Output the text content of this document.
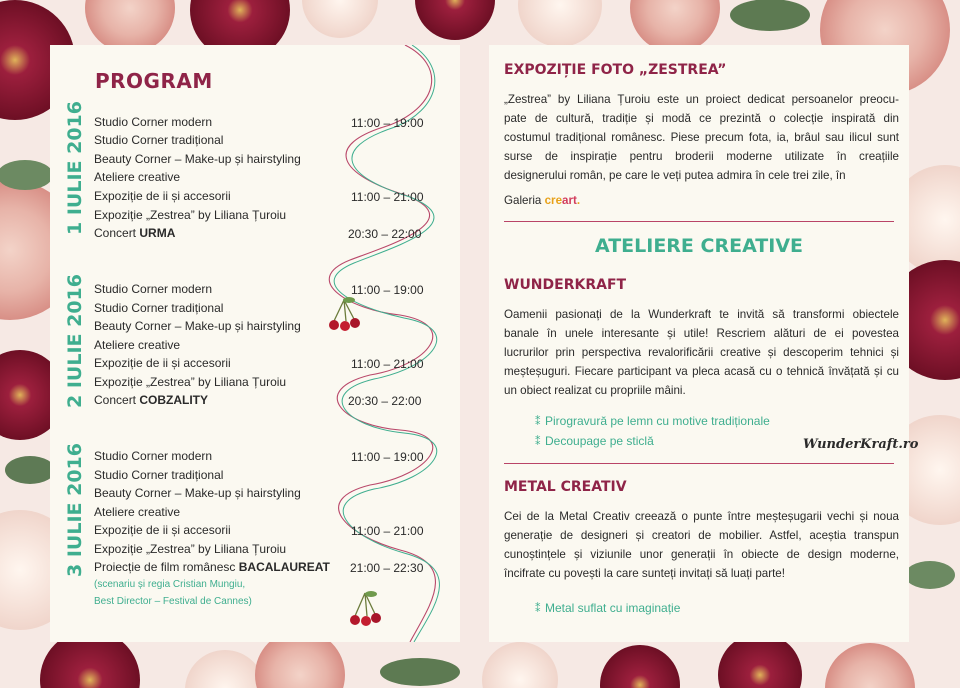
PROGRAM
1 IULIE 2016
2 IULIE 2016
3 IULIE 2016
Studio Corner modern
Studio Corner tradițional
Beauty Corner – Make-up și hairstyling
Ateliere creative
Expoziție de ii și accesorii
Expoziție „Zestrea” by Liliana Țuroiu
Concert URMA
11:00 – 19:00
11:00 – 21:00
20:30 – 22:00
Studio Corner modern
Studio Corner tradițional
Beauty Corner – Make-up și hairstyling
Ateliere creative
Expoziție de ii și accesorii
Expoziție „Zestrea” by Liliana Țuroiu
Concert COBZALITY
11:00 – 19:00
11:00 – 21:00
20:30 – 22:00
Studio Corner modern
Studio Corner tradițional
Beauty Corner – Make-up și hairstyling
Ateliere creative
Expoziție de ii și accesorii
Expoziție „Zestrea” by Liliana Țuroiu
Proiecție de film românesc BACALAUREAT
(scenariu și regia Cristian Mungiu,
Best Director – Festival de Cannes)
11:00 – 19:00
11:00 – 21:00
21:00 – 22:30
EXPOZIȚIE FOTO „ZESTREA”
„Zestrea” by Liliana Țuroiu este un proiect dedicat persoanelor preocu-
pate de cultură, tradiție și modă ce prezintă o colecție inspirată din
costumul tradițional românesc. Piese precum fota, ia, brâul sau ilicul sunt
surse de inspirație pentru broderii moderne utilizate în creațiile
designerului român, pe care le veți putea admira în cele trei zile, în
Galeria creart.
ATELIERE CREATIVE
WUNDERKRAFT
Oamenii pasionați de la Wunderkraft te invită să transformi obiectele
banale în unele interesante și utile! Rescriem alături de ei povestea
lucrurilor prin perspectiva revalorificării creative și descoperim tehnici și
meșteșuguri. Fiecare participant va pleca acasă cu o tehnică învățată și cu
un obiect realizat cu propriile mâini.
⁑ Pirogravură pe lemn cu motive tradiționale
⁑ Decoupage pe sticlă	WunderKraft.ro
METAL CREATIV
Cei de la Metal Creativ creează o punte între meșteșugarii vechi și noua
generație de designeri și creatori de mobilier. Astfel, aceștia transpun
cunoștințele și viziunile unor generații în obiecte de design moderne,
încifrate cu povești la care sunteți invitați să luați parte!
⁑ Metal suflat cu imaginație
